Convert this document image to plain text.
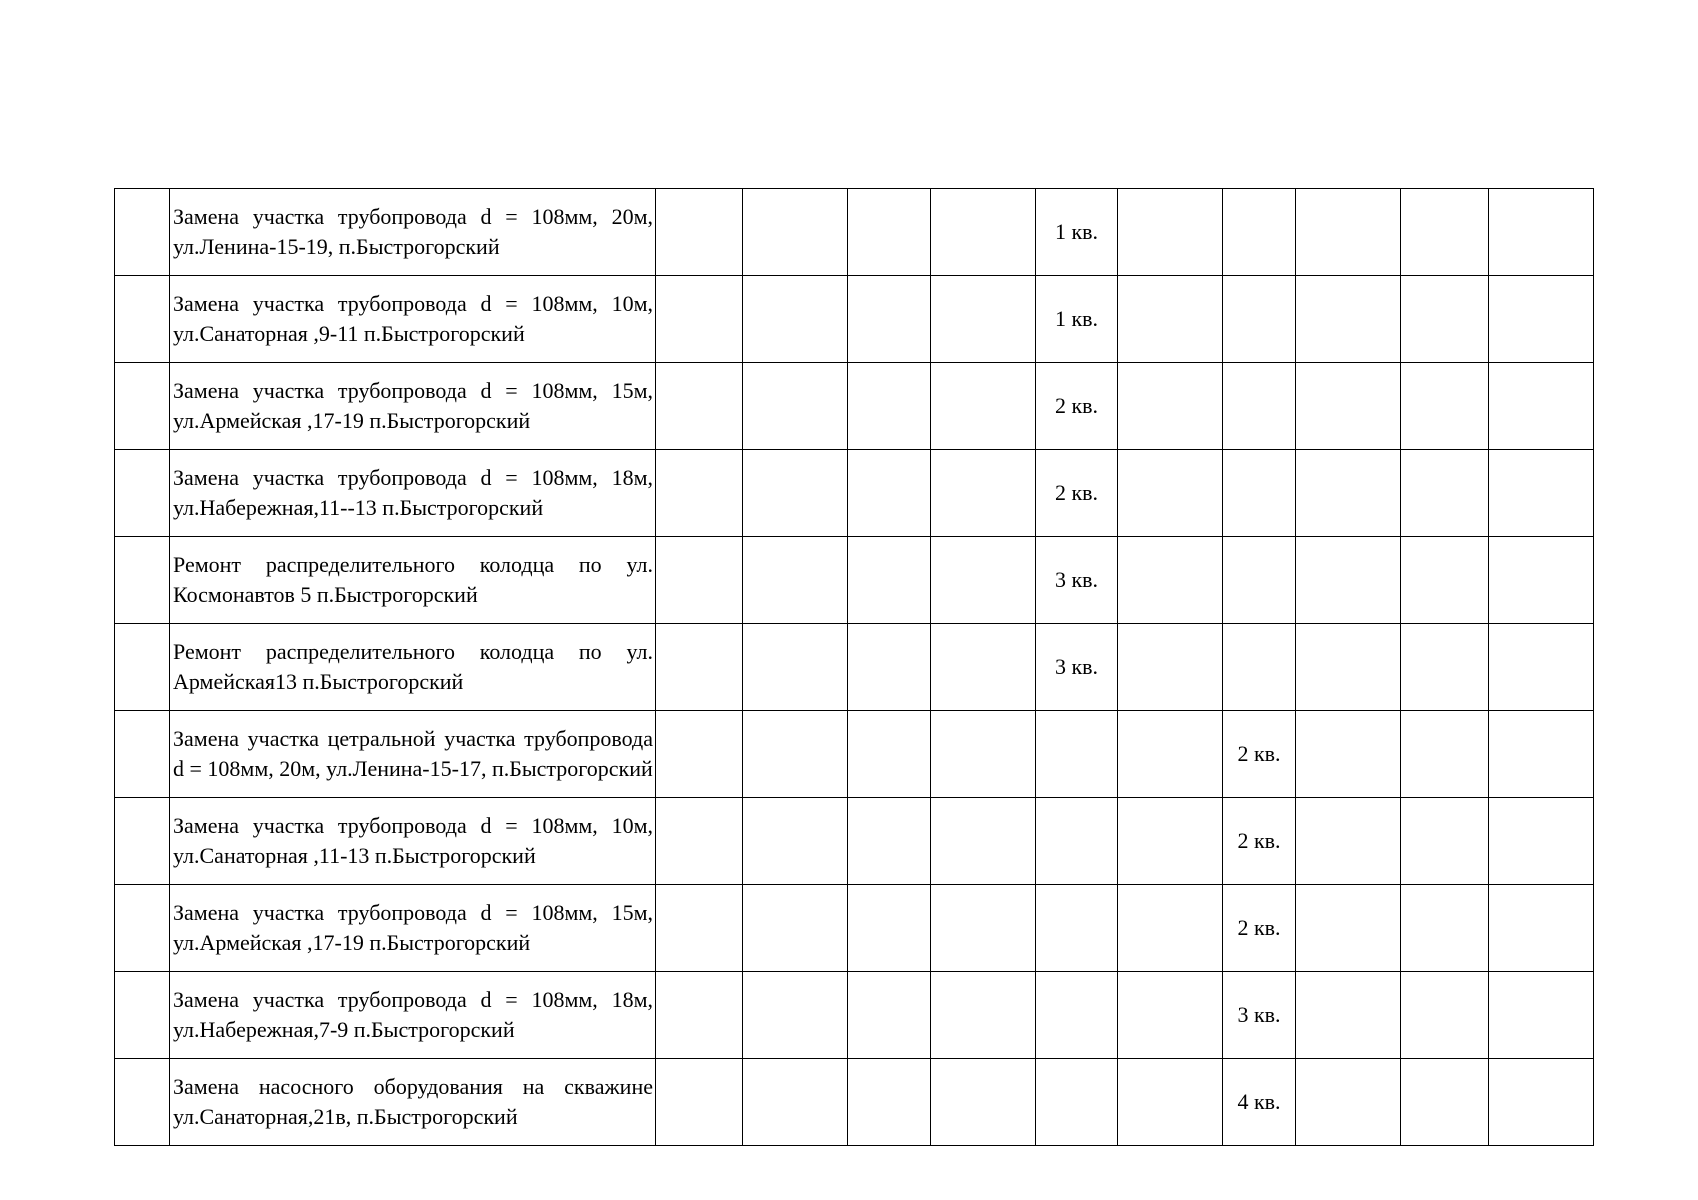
	Замена участка трубопровода d = 108мм, 20м, ул.Ленина-15-19, п.Быстрогорский					1 кв.					

	Замена участка трубопровода d = 108мм, 10м, ул.Санаторная ,9-11 п.Быстрогорский					1 кв.					

	Замена участка трубопровода d = 108мм, 15м, ул.Армейская ,17-19 п.Быстрогорский					2 кв.					

	Замена участка трубопровода d = 108мм, 18м, ул.Набережная,11--13 п.Быстрогорский					2 кв.					

	Ремонт распределительного колодца по ул. Космонавтов 5 п.Быстрогорский					3 кв.					

	Ремонт распределительного колодца по ул. Армейская13 п.Быстрогорский					3 кв.					

	Замена участка цетральной участка трубопровода d = 108мм, 20м, ул.Ленина-15-17, п.Быстрогорский							2 кв.			

	Замена участка трубопровода d = 108мм, 10м, ул.Санаторная ,11-13 п.Быстрогорский							2 кв.			

	Замена участка трубопровода d = 108мм, 15м, ул.Армейская ,17-19 п.Быстрогорский							2 кв.			

	Замена участка трубопровода d = 108мм, 18м, ул.Набережная,7-9 п.Быстрогорский							3 кв.			

	Замена насосного оборудования на скважине ул.Санаторная,21в, п.Быстрогорский							4 кв.			
